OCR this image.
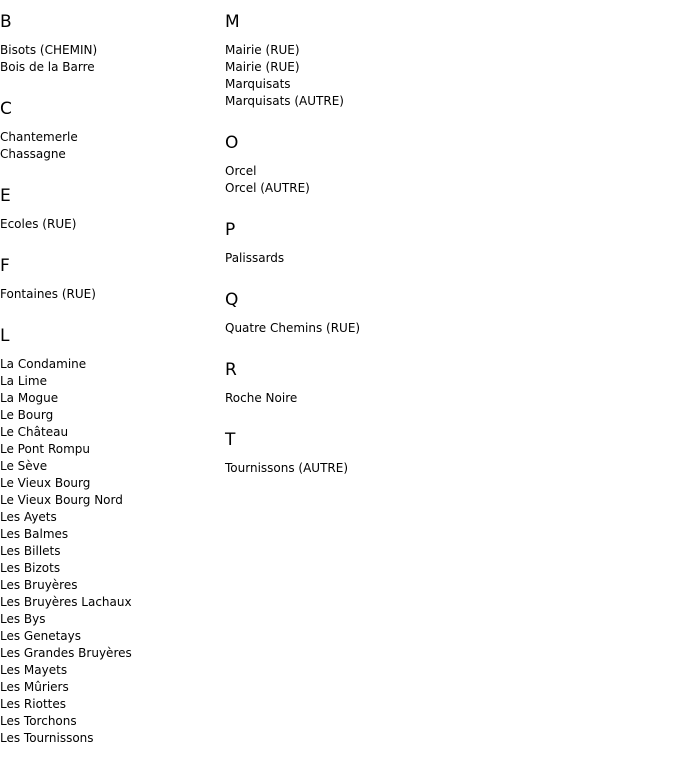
B
Bisots (CHEMIN)
Bois de la Barre
C
Chantemerle
Chassagne
E
Ecoles (RUE)
F
Fontaines (RUE)
L
La Condamine
La Lime
La Mogue
Le Bourg
Le Château
Le Pont Rompu
Le Sève
Le Vieux Bourg
Le Vieux Bourg Nord
Les Ayets
Les Balmes
Les Billets
Les Bizots
Les Bruyères
Les Bruyères Lachaux
Les Bys
Les Genetays
Les Grandes Bruyères
Les Mayets
Les Mûriers
Les Riottes
Les Torchons
Les Tournissons
M
Mairie (RUE)
Mairie (RUE)
Marquisats
Marquisats (AUTRE)
O
Orcel
Orcel (AUTRE)
P
Palissards
Q
Quatre Chemins (RUE)
R
Roche Noire
T
Tournissons (AUTRE)
